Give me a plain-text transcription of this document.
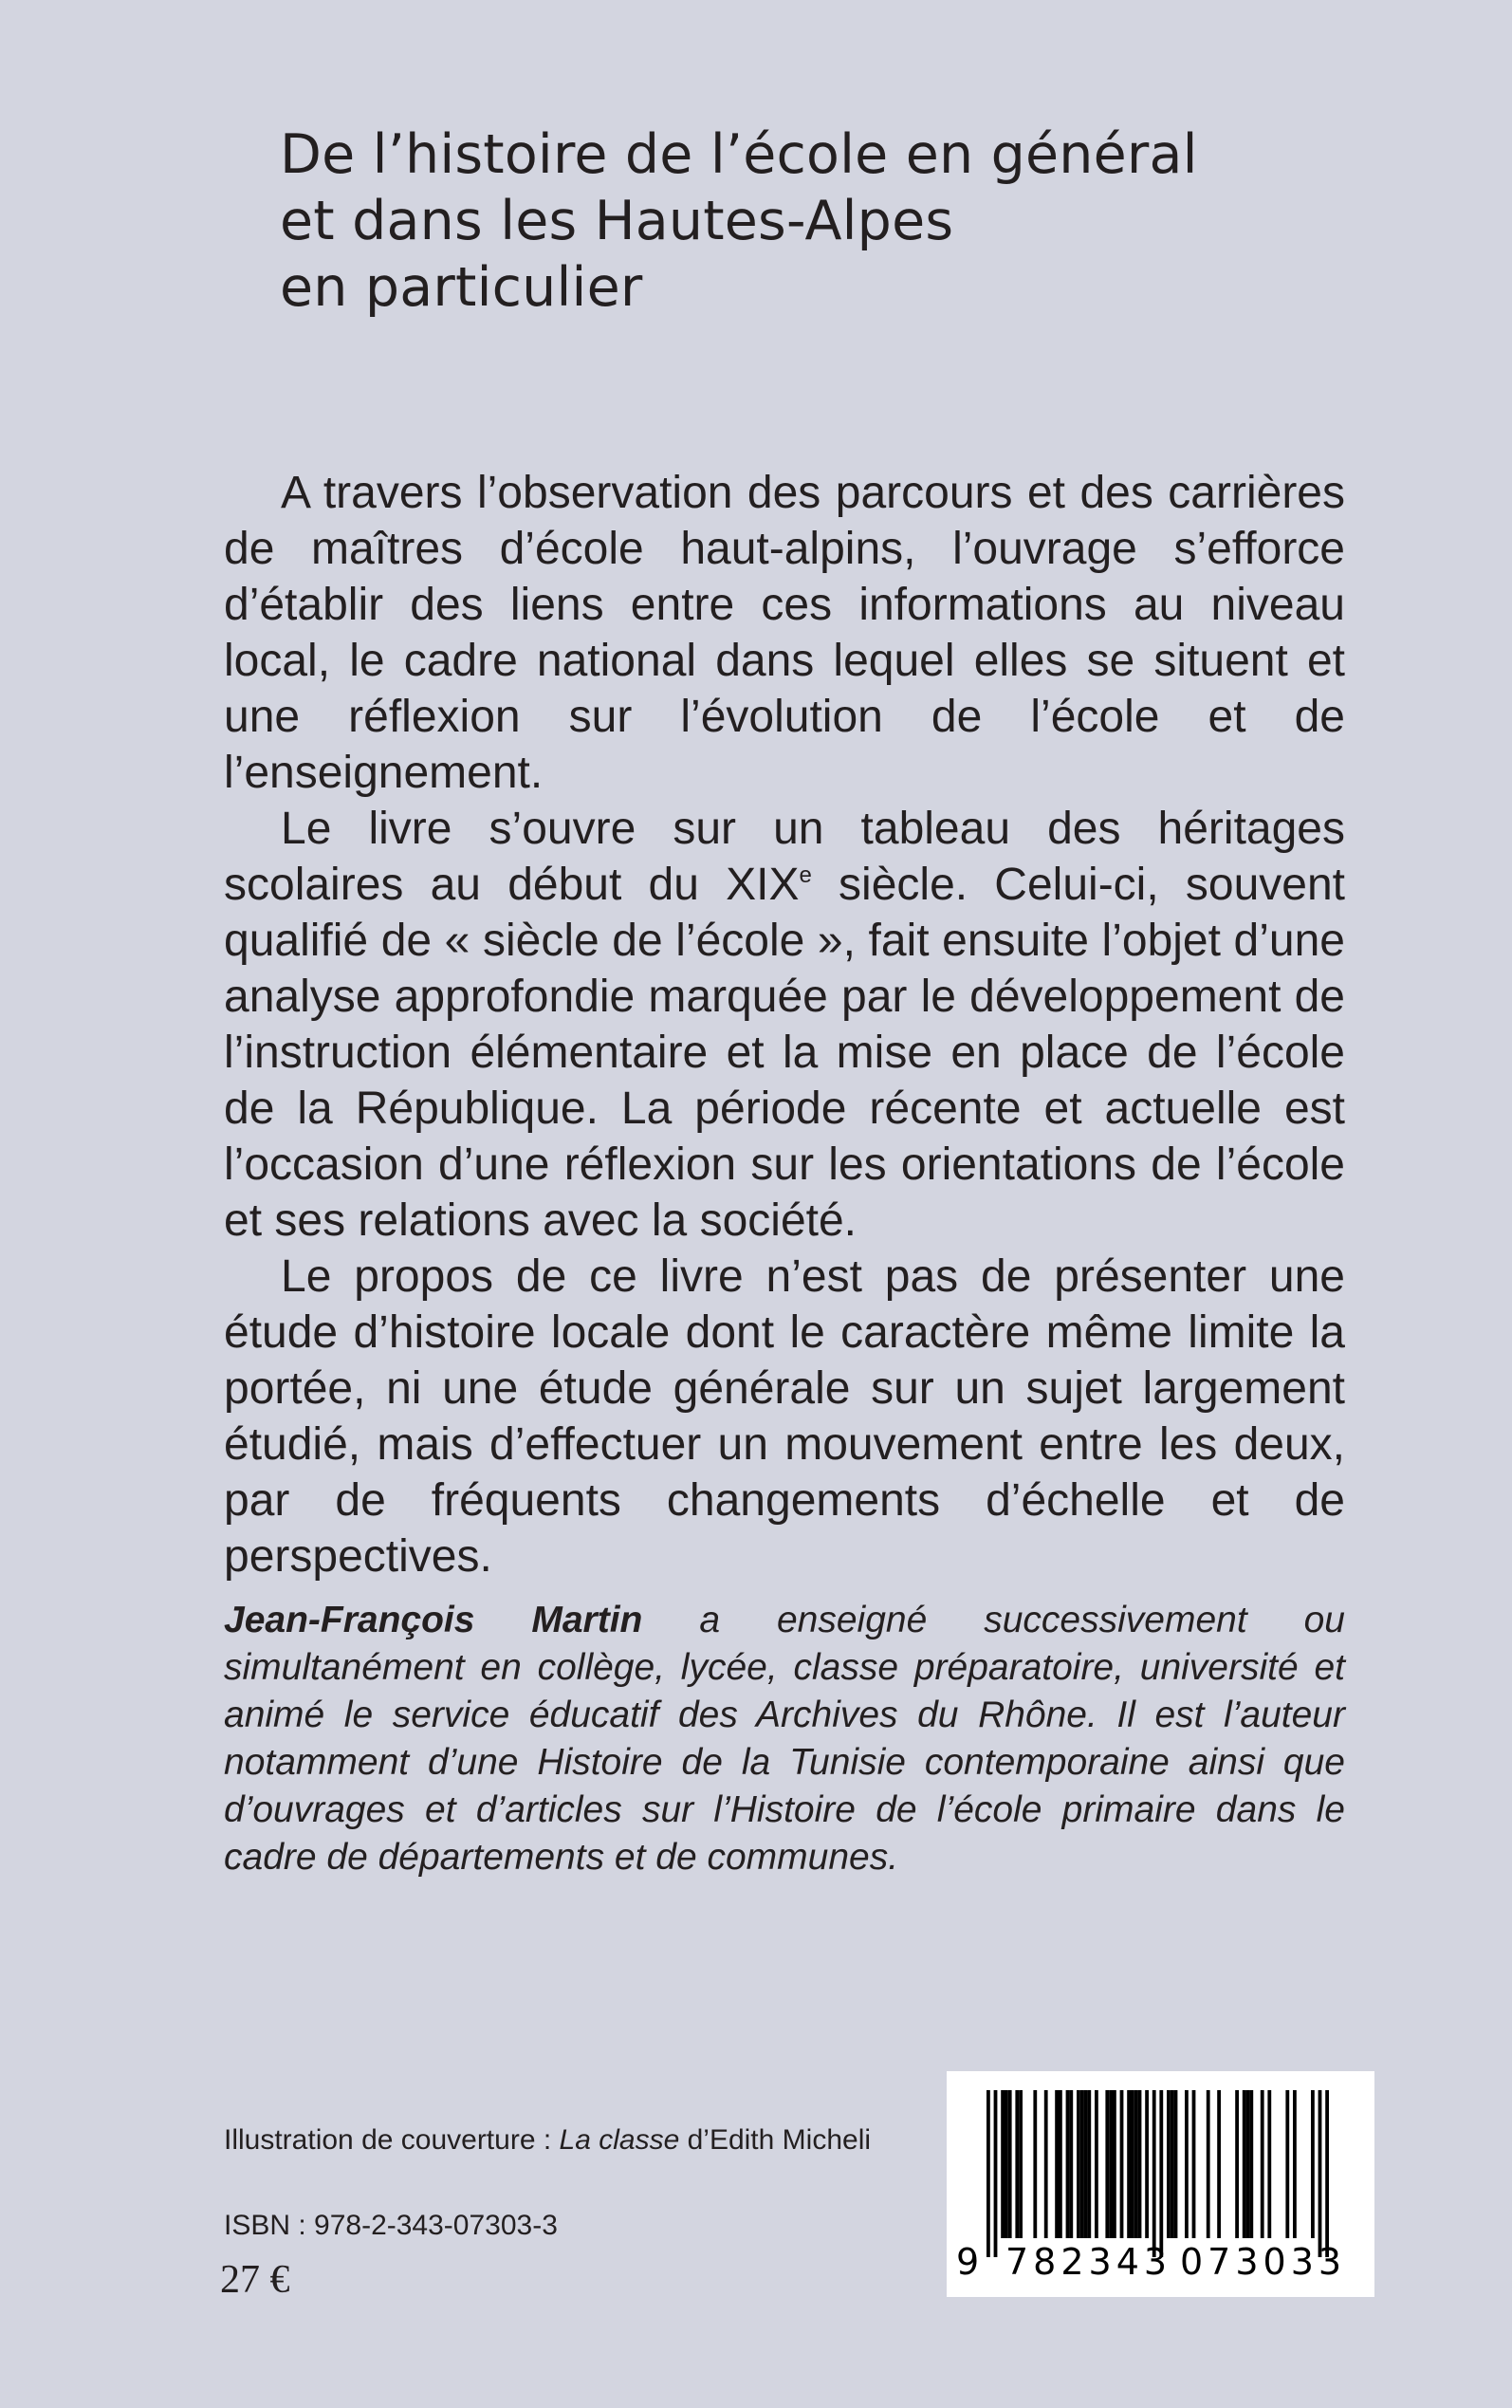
De l’histoire de l’école en général
et dans les Hautes-Alpes
en particulier

A travers l’observation des parcours et des carrières de maîtres d’école haut-alpins, l’ouvrage s’efforce d’établir des liens entre ces informations au niveau local, le cadre national dans lequel elles se situent et une réflexion sur l’évolution de l’école et de l’enseignement.

Le livre s’ouvre sur un tableau des héritages scolaires au début du XIXe siècle. Celui-ci, souvent qualifié de « siècle de l’école », fait ensuite l’objet d’une analyse approfondie marquée par le développement de l’instruction élémentaire et la mise en place de l’école de la République. La période récente et actuelle est l’occasion d’une réflexion sur les orientations de l’école et ses relations avec la société.

Le propos de ce livre n’est pas de présenter une étude d’histoire locale dont le caractère même limite la portée, ni une étude générale sur un sujet largement étudié, mais d’effectuer un mouvement entre les deux, par de fréquents changements d’échelle et de perspectives.

Jean-François Martin a enseigné successivement ou simultanément en collège, lycée, classe préparatoire, université et animé le service éducatif des Archives du Rhône. Il est l’auteur notamment d’une Histoire de la Tunisie contemporaine ainsi que d’ouvrages et d’articles sur l’Histoire de l’école primaire dans le cadre de départements et de communes.

Illustration de couverture : La classe d’Edith Micheli
ISBN : 978-2-343-07303-3
27 €	9 782343 073033
